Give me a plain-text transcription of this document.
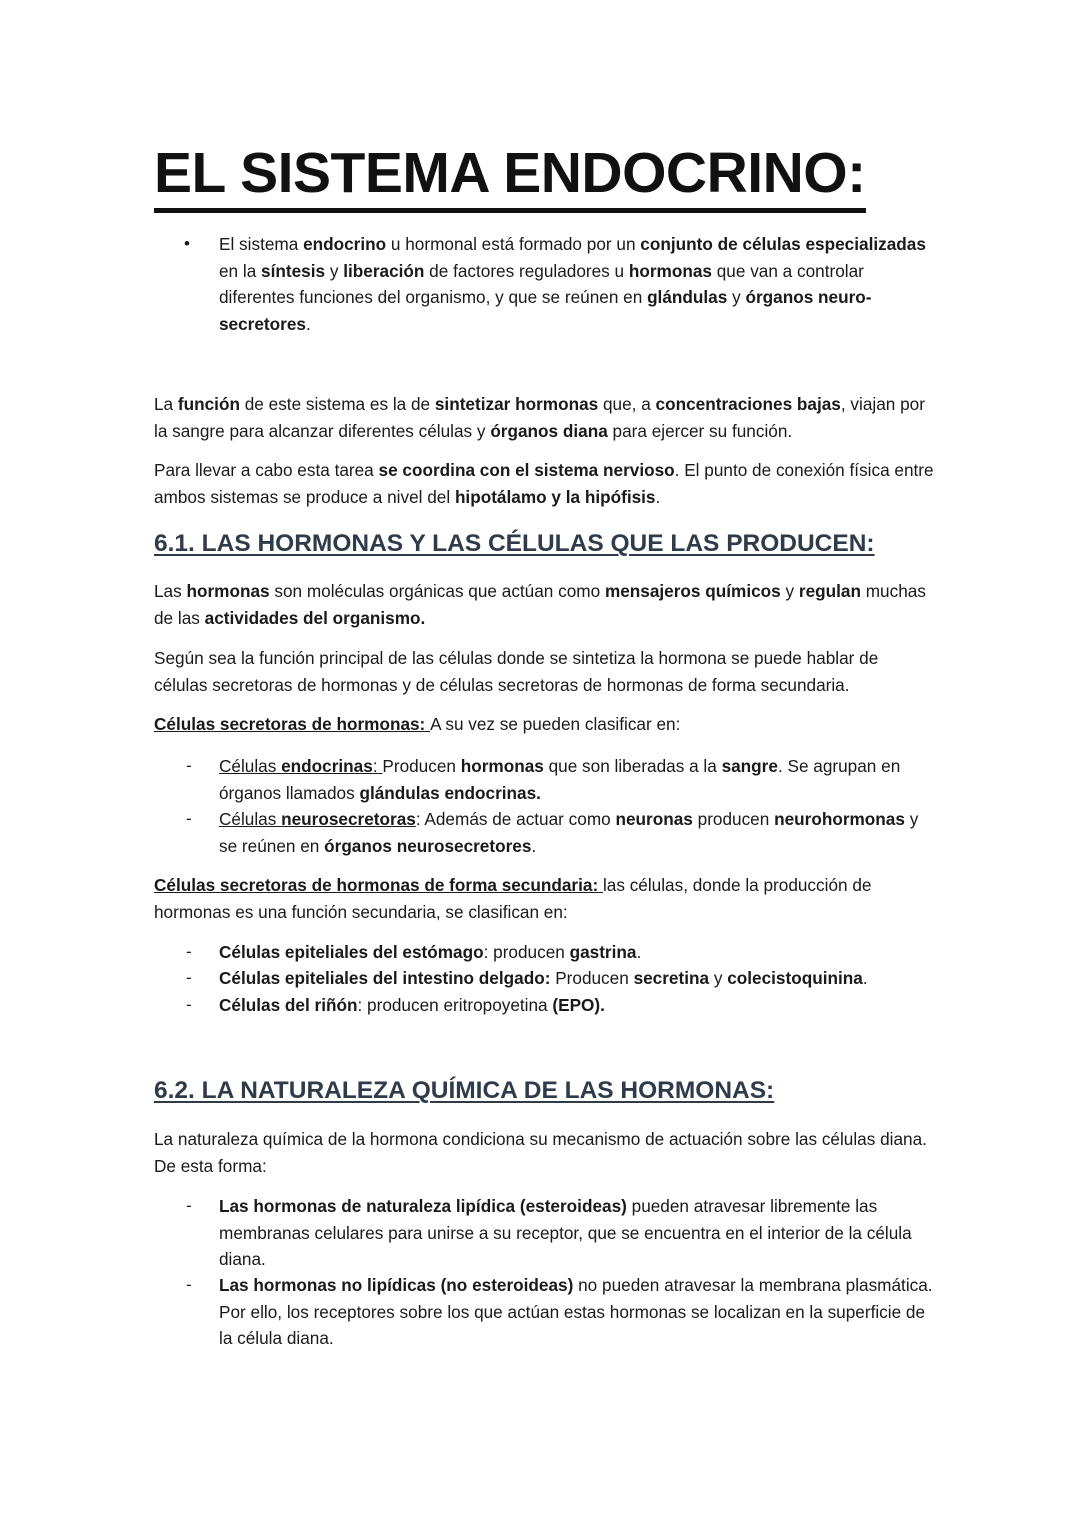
EL SISTEMA ENDOCRINO:
• El sistema endocrino u hormonal está formado por un conjunto de células especializadas en la síntesis y liberación de factores reguladores u hormonas que van a controlar diferentes funciones del organismo, y que se reúnen en glándulas y órganos neuro-secretores.

La función de este sistema es la de sintetizar hormonas que, a concentraciones bajas, viajan por la sangre para alcanzar diferentes células y órganos diana para ejercer su función.

Para llevar a cabo esta tarea se coordina con el sistema nervioso. El punto de conexión física entre ambos sistemas se produce a nivel del hipotálamo y la hipófisis.

6.1. LAS HORMONAS Y LAS CÉLULAS QUE LAS PRODUCEN:

Las hormonas son moléculas orgánicas que actúan como mensajeros químicos y regulan muchas de las actividades del organismo.

Según sea la función principal de las células donde se sintetiza la hormona se puede hablar de células secretoras de hormonas y de células secretoras de hormonas de forma secundaria.

Células secretoras de hormonas: A su vez se pueden clasificar en:

- Células endocrinas: Producen hormonas que son liberadas a la sangre. Se agrupan en órganos llamados glándulas endocrinas.

- Células neurosecretoras: Además de actuar como neuronas producen neurohormonas y se reúnen en órganos neurosecretores.

Células secretoras de hormonas de forma secundaria: las células, donde la producción de hormonas es una función secundaria, se clasifican en:

- Células epiteliales del estómago: producen gastrina.

- Células epiteliales del intestino delgado: Producen secretina y colecistoquinina.

- Células del riñón: producen eritropoyetina (EPO).

6.2. LA NATURALEZA QUÍMICA DE LAS HORMONAS:

La naturaleza química de la hormona condiciona su mecanismo de actuación sobre las células diana. De esta forma:

- Las hormonas de naturaleza lipídica (esteroideas) pueden atravesar libremente las membranas celulares para unirse a su receptor, que se encuentra en el interior de la célula diana.

- Las hormonas no lipídicas (no esteroideas) no pueden atravesar la membrana plasmática. Por ello, los receptores sobre los que actúan estas hormonas se localizan en la superficie de la célula diana.
